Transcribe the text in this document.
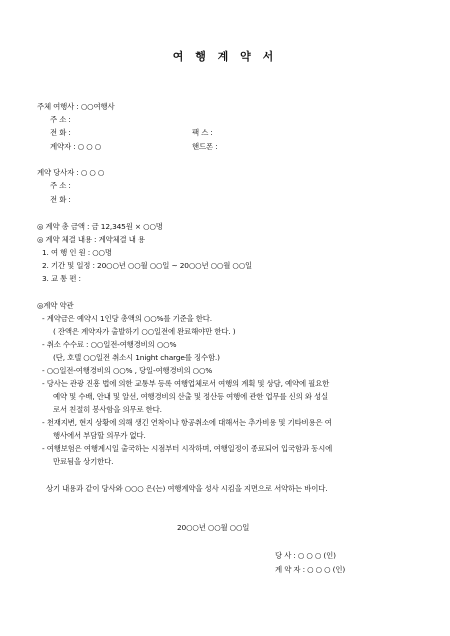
여 행 계 약 서
주체 여행사 : ○○여행사
주 소 :
전 화 :	팩 스 :
계약자 : ○ ○ ○	핸드폰 :
계약 당사자 : ○ ○ ○
주 소 :
전 화 :
◎ 계약 총 금액 : 금 12,345원 × ○○명
◎ 계약 체결 내용 : 계약체결 내 용
1. 여 행 인 원 : ○○명
2. 기간 및 일정 : 20○○년 ○○월 ○○일 ~ 20○○년 ○○월 ○○일
3. 교 통 편 :
◎계약 약관
- 계약금은 예약시 1인당 총액의 ○○%를 기준을 한다.
( 잔액은 계약자가 출발하기 ○○일전에 완료해야만 한다. )
- 취소 수수료 : ○○일전-여행경비의 ○○%
(단, 호텔 ○○일전 취소시 1night charge를 징수함.)
- ○○일전-여행경비의 ○○% , 당일-여행경비의 ○○%
- 당사는 관광 진흥 법에 의한 교통부 등록 여행업체로서 여행의 계획 및 상담, 예약에 필요한
예약 및 수배, 안내 및 알선, 여행경비의 산출 및 정산등 여행에 관한 업무를 신의 와 성실
로서 친절히 봉사함을 의무로 한다.
- 천재지변, 현지 상황에 의해 생긴 연착이나 항공취소에 대해서는 추가비용 및 기타비용은 여
행사에서 부담할 의무가 없다.
- 여행보험은 여행계시일 출국하는 시점부터 시작하며, 여행일정이 종료되어 입국함과 동시에
만료됨을 상기한다.
상기 내용과 같이 당사와 ○○○ 은(는) 여행계약을 성사 시킴을 지면으로 서약하는 바이다.
20○○년 ○○월 ○○일
당 사 : ○ ○ ○ (인)
계 약 자 : ○ ○ ○ (인)
